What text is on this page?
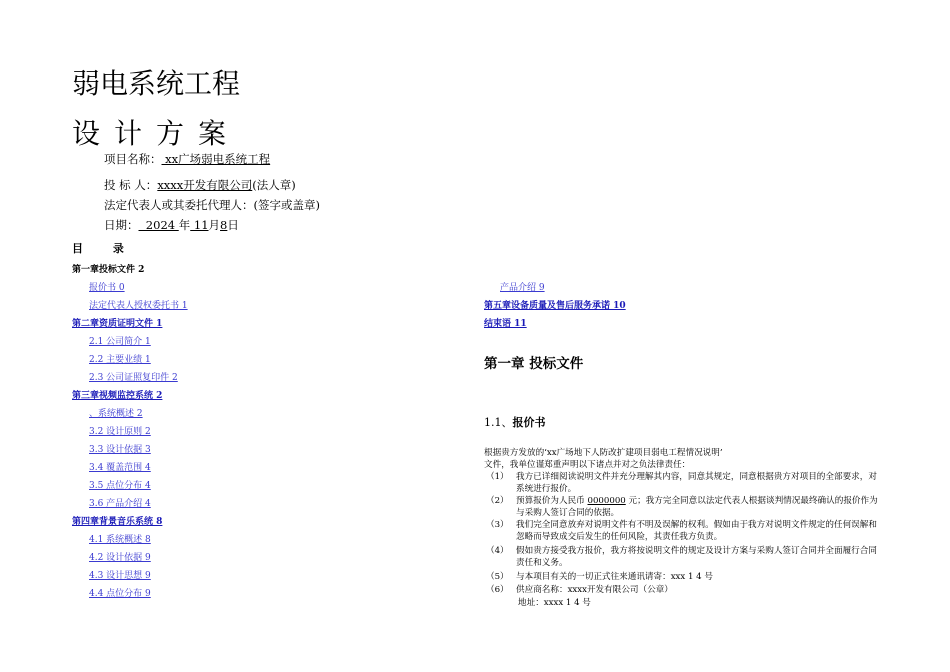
弱电系统工程
设计方案
项目名称： xx广场弱电系统工程
投 标 人：xxxx开发有限公司(法人章)
法定代表人或其委托代理人：(签字或盖章)
日期：  2024 年 11月8日
目 录
第一章投标文件 2
报价书 0
法定代表人授权委托书 1
第二章资质证明文件 1
2.1 公司简介 1
2.2 主要业绩 1
2.3 公司证照复印件 2
第三章视频监控系统 2
、系统概述 2
3.2 设计原则 2
3.3 设计依据 3
3.4 覆盖范围 4
3.5 点位分布 4
3.6 产品介绍 4
第四章背景音乐系统 8
4.1 系统概述 8
4.2 设计依据 9
4.3 设计思想 9
4.4 点位分布 9
产品介绍 9
第五章设备质量及售后服务承诺 10
结束语 11
第一章 投标文件
1.1、报价书
根据贵方发放的‘xx广场地下人防改扩建项目弱电工程情况说明’
文件，我单位谨郑重声明以下诸点并对之负法律责任：
（1） 我方已详细阅读说明文件并充分理解其内容，同意其规定，同意根据贵方对项目的全部要求，对系统进行报价。
（2） 预算报价为人民币 0000000 元；我方完全同意以法定代表人根据谈判情况最终确认的报价作为与采购人签订合同的依据。
（3） 我们完全同意放弃对说明文件有不明及误解的权利。假如由于我方对说明文件规定的任何误解和忽略而导致成交后发生的任何风险，其责任我方负责。
（4） 假如贵方接受我方报价，我方将按说明文件的规定及设计方案与采购人签订合同并全面履行合同责任和义务。
（5） 与本项目有关的一切正式往来通讯请寄：xxx 1 4 号
（6） 供应商名称：xxxx开发有限公司（公章）
地址：xxxx 1 4 号
